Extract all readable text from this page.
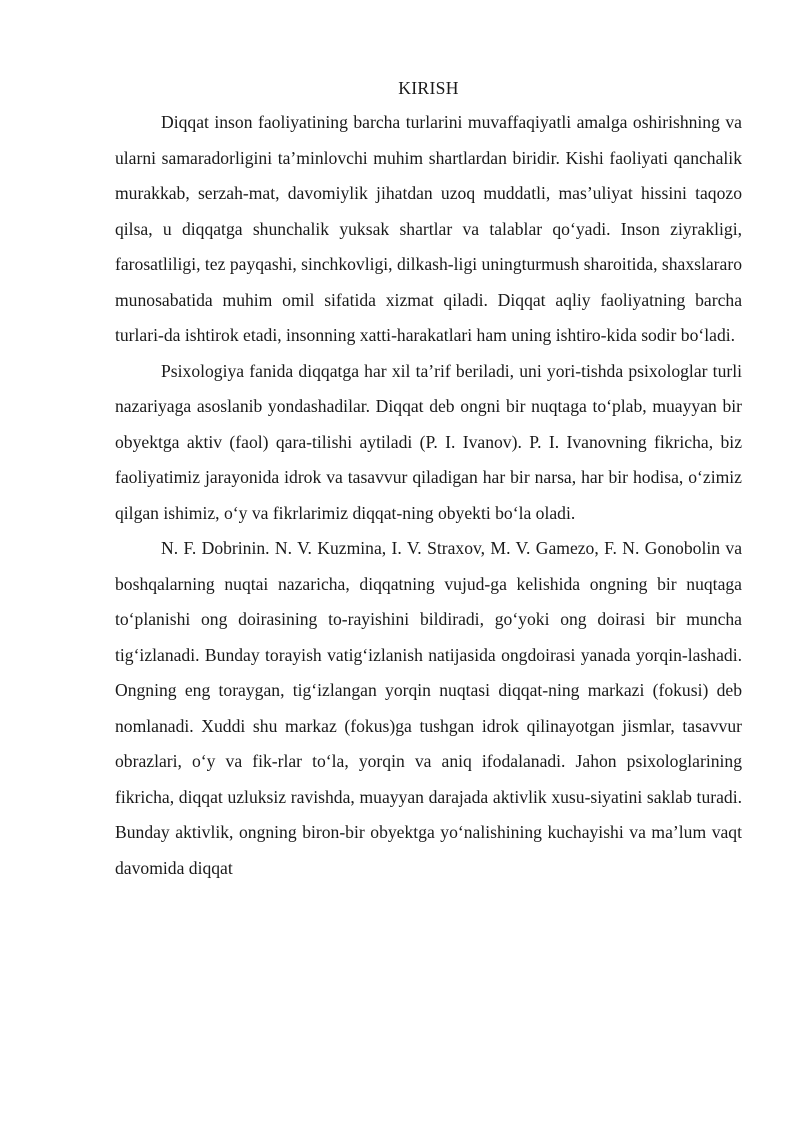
KIRISH

Diqqat inson faoliyatining barcha turlarini muvaffaqiyatli amalga oshirishning va ularni samaradorligini ta’minlovchi muhim shartlardan biridir. Kishi faoliyati qanchalik murakkab, serzah-mat, davomiylik jihatdan uzoq muddatli, mas’uliyat hissini taqozo qilsa, u diqqatga shunchalik yuksak shartlar va talablar qo‘yadi. Inson ziyrakligi, farosatliligi, tez payqashi, sinchkovligi, dilkash-ligi uningturmush sharoitida, shaxslararo munosabatida muhim omil sifatida xizmat qiladi. Diqqat aqliy faoliyatning barcha turlari-da ishtirok etadi, insonning xatti-harakatlari ham uning ishtiro-kida sodir bo‘ladi.

Psixologiya fanida diqqatga har xil ta’rif beriladi, uni yori-tishda psixologlar turli nazariyaga asoslanib yondashadilar. Diqqat deb ongni bir nuqtaga to‘plab, muayyan bir obyektga aktiv (faol) qara-tilishi aytiladi (P. I. Ivanov). P. I. Ivanovning fikricha, biz faoliyatimiz jarayonida idrok va tasavvur qiladigan har bir narsa, har bir hodisa, o‘zimiz qilgan ishimiz, o‘y va fikrlarimiz diqqat-ning obyekti bo‘la oladi.

N. F. Dobrinin. N. V. Kuzmina, I. V. Straxov, M. V. Gamezo, F. N. Gonobolin va boshqalarning nuqtai nazaricha, diqqatning vujud-ga kelishida ongning bir nuqtaga to‘planishi ong doirasining to-rayishini bildiradi, go‘yoki ong doirasi bir muncha tig‘izlanadi. Bunday torayish vatig‘izlanish natijasida ongdoirasi yanada yorqin-lashadi. Ongning eng toraygan, tig‘izlangan yorqin nuqtasi diqqat-ning markazi (fokusi) deb nomlanadi. Xuddi shu markaz (fokus)ga tushgan idrok qilinayotgan jismlar, tasavvur obrazlari, o‘y va fik-rlar to‘la, yorqin va aniq ifodalanadi. Jahon psixologlarining fikricha, diqqat uzluksiz ravishda, muayyan darajada aktivlik xusu-siyatini saklab turadi. Bunday aktivlik, ongning biron-bir obyektga yo‘nalishining kuchayishi va ma’lum vaqt davomida diqqat
